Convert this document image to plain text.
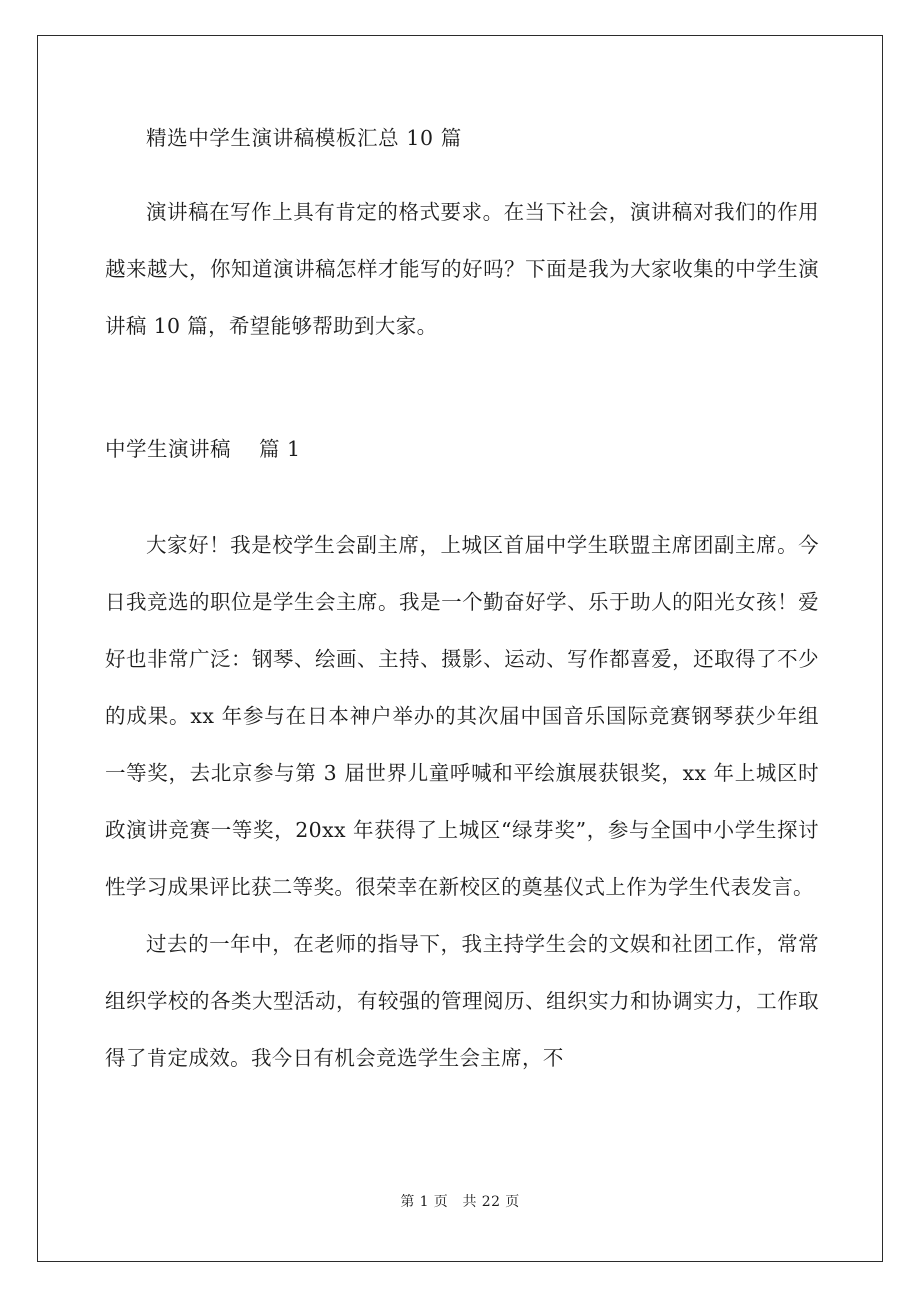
精选中学生演讲稿模板汇总 10 篇

演讲稿在写作上具有肯定的格式要求。在当下社会，演讲稿对我们的作用越来越大，你知道演讲稿怎样才能写的好吗？下面是我为大家收集的中学生演讲稿 10 篇，希望能够帮助到大家。

中学生演讲稿　 篇 1

大家好！我是校学生会副主席，上城区首届中学生联盟主席团副主席。今日我竞选的职位是学生会主席。我是一个勤奋好学、乐于助人的阳光女孩！爱好也非常广泛：钢琴、绘画、主持、摄影、运动、写作都喜爱，还取得了不少的成果。xx 年参与在日本神户举办的其次届中国音乐国际竞赛钢琴获少年组一等奖，去北京参与第 3 届世界儿童呼喊和平绘旗展获银奖，xx 年上城区时政演讲竞赛一等奖，20xx 年获得了上城区“绿芽奖”，参与全国中小学生探讨性学习成果评比获二等奖。很荣幸在新校区的奠基仪式上作为学生代表发言。

过去的一年中，在老师的指导下，我主持学生会的文娱和社团工作，常常组织学校的各类大型活动，有较强的管理阅历、组织实力和协调实力，工作取得了肯定成效。我今日有机会竞选学生会主席，不

第 1 页　共 22 页
